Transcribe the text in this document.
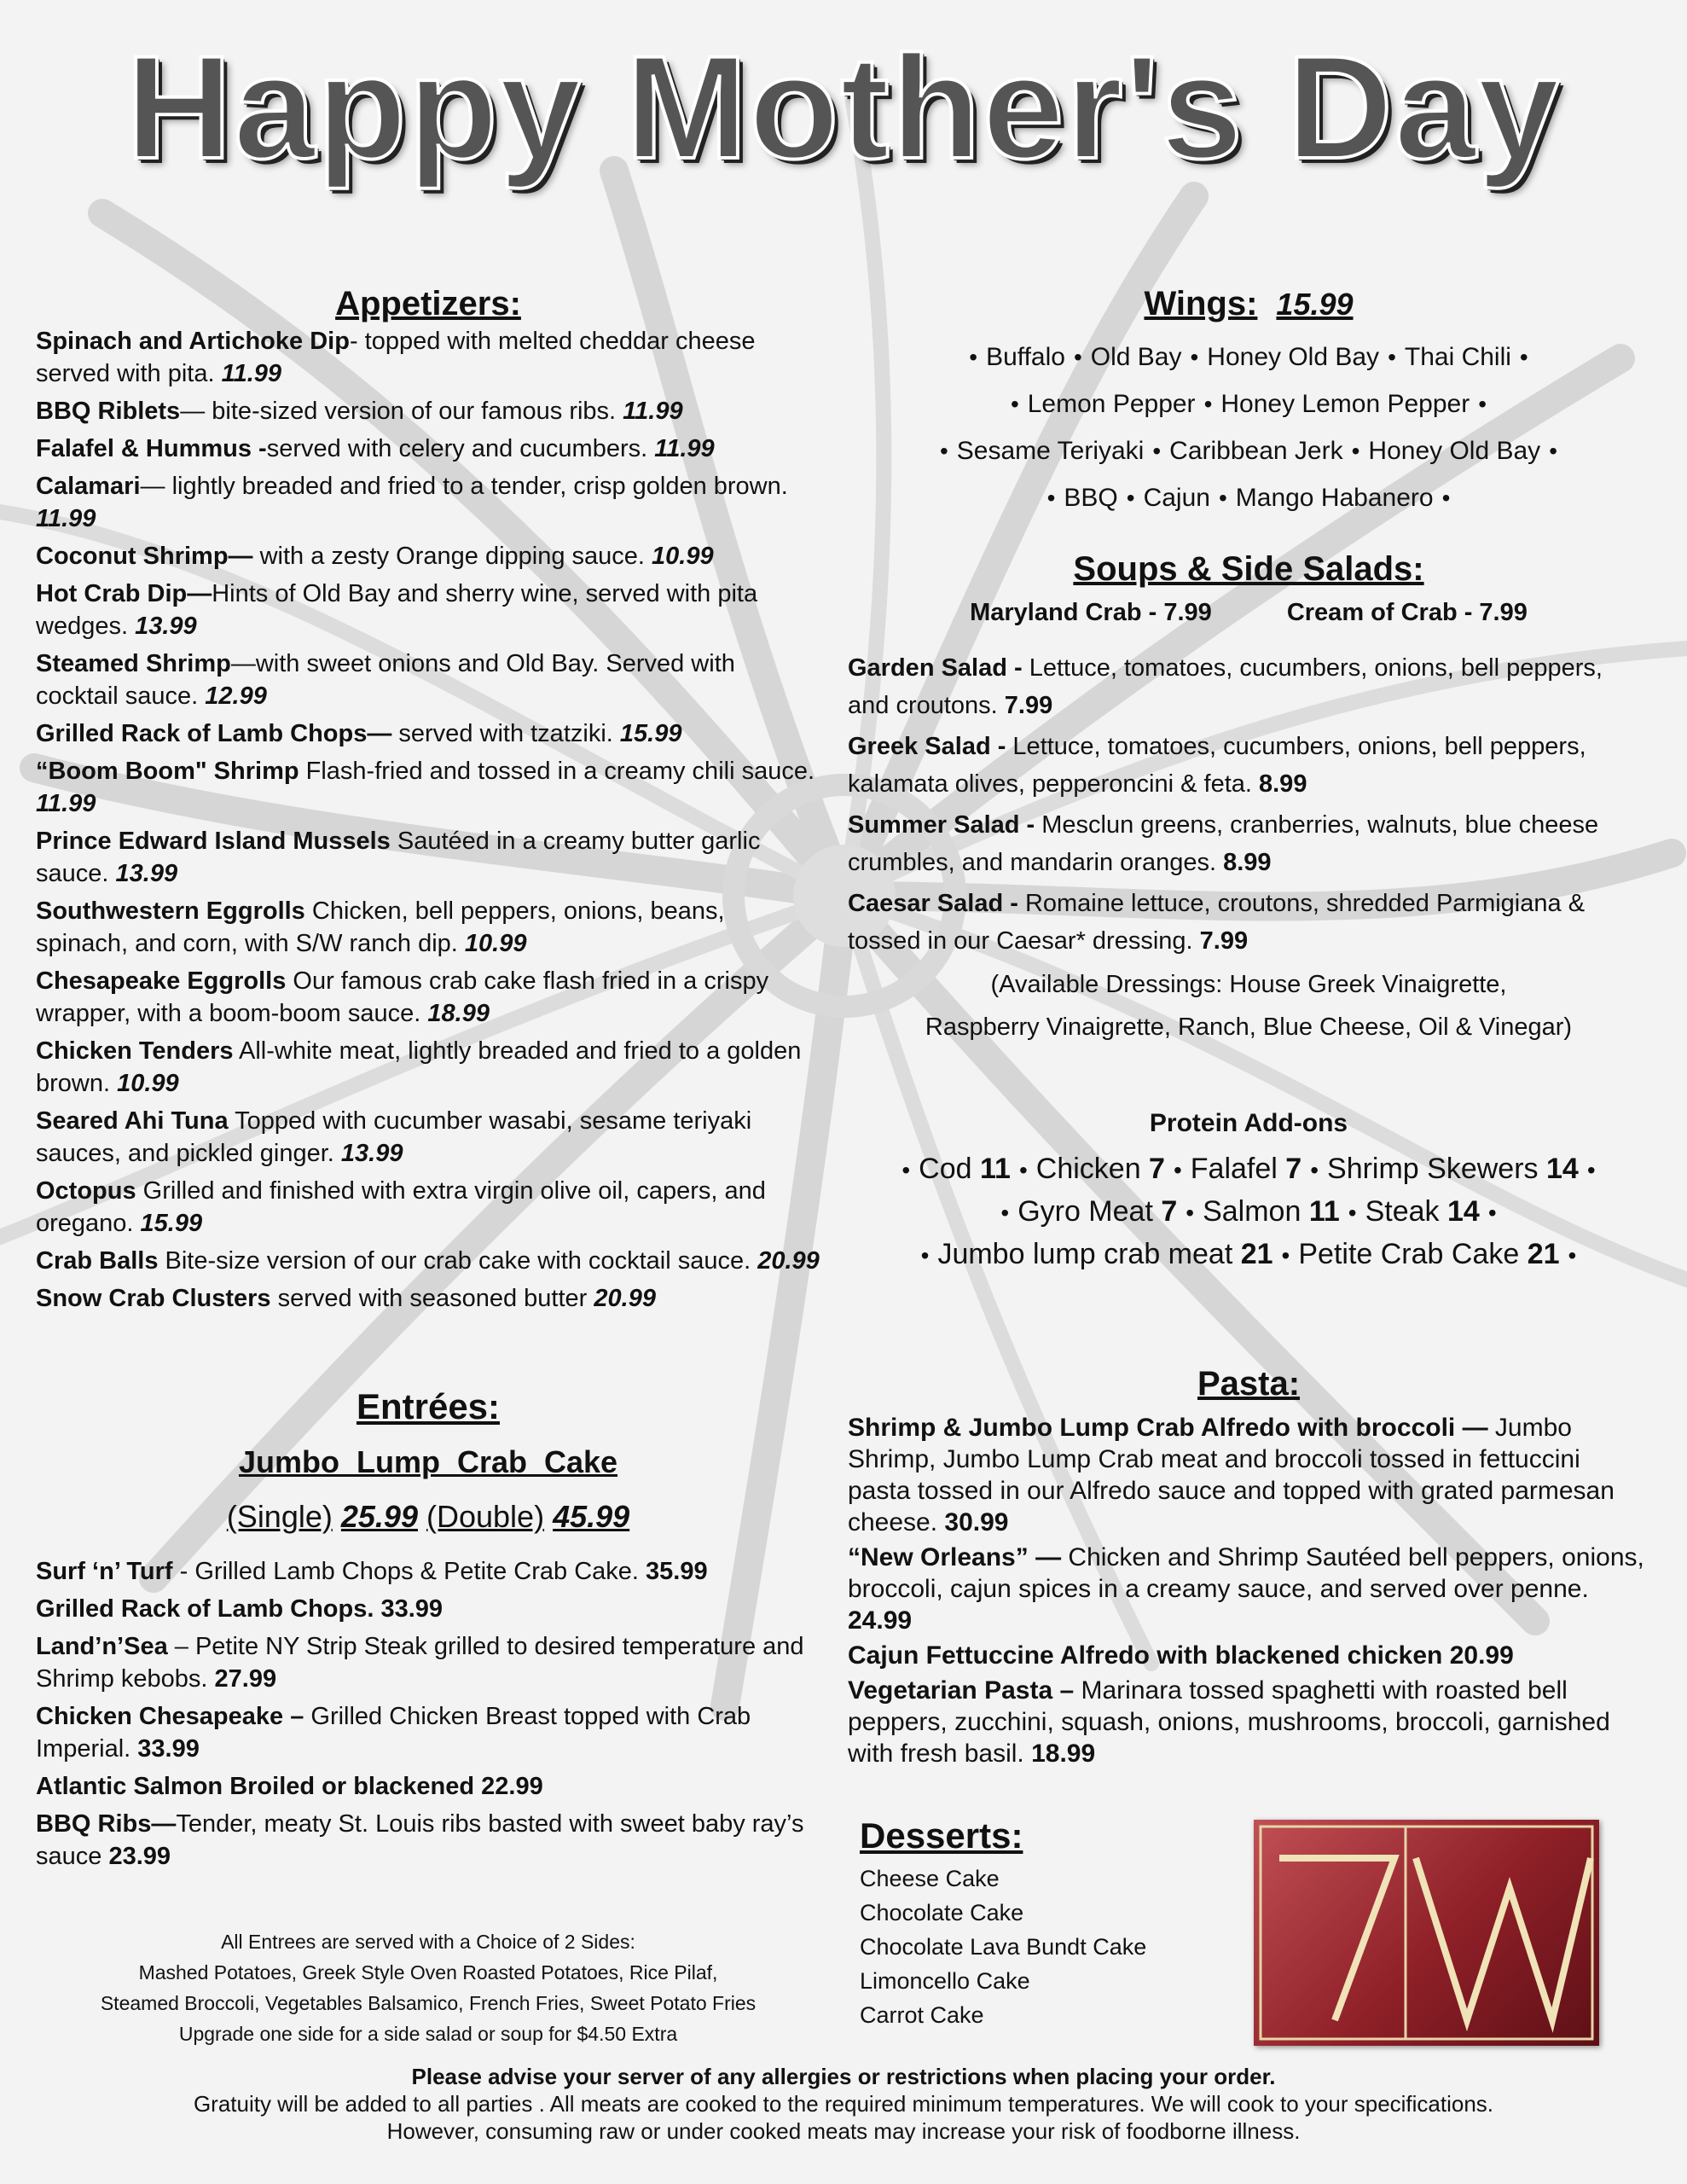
Happy Mother's Day
Appetizers:
Spinach and Artichoke Dip- topped with melted cheddar cheese served with pita. 11.99
BBQ Riblets— bite-sized version of our famous ribs. 11.99
Falafel & Hummus -served with celery and cucumbers. 11.99
Calamari— lightly breaded and fried to a tender, crisp golden brown. 11.99
Coconut Shrimp— with a zesty Orange dipping sauce. 10.99
Hot Crab Dip—Hints of Old Bay and sherry wine, served with pita wedges. 13.99
Steamed Shrimp—with sweet onions and Old Bay. Served with cocktail sauce. 12.99
Grilled Rack of Lamb Chops— served with tzatziki. 15.99
“Boom Boom" Shrimp Flash-fried and tossed in a creamy chili sauce. 11.99
Prince Edward Island Mussels Sautéed in a creamy butter garlic sauce. 13.99
Southwestern Eggrolls Chicken, bell peppers, onions, beans, spinach, and corn, with S/W ranch dip. 10.99
Chesapeake Eggrolls Our famous crab cake flash fried in a crispy wrapper, with a boom-boom sauce. 18.99
Chicken Tenders All-white meat, lightly breaded and fried to a golden brown. 10.99
Seared Ahi Tuna Topped with cucumber wasabi, sesame teriyaki sauces, and pickled ginger. 13.99
Octopus Grilled and finished with extra virgin olive oil, capers, and oregano. 15.99
Crab Balls Bite-size version of our crab cake with cocktail sauce. 20.99
Snow Crab Clusters served with seasoned butter 20.99
Entrées:
Jumbo Lump Crab Cake
(Single) 25.99 (Double) 45.99
Surf ‘n’ Turf - Grilled Lamb Chops & Petite Crab Cake. 35.99
Grilled Rack of Lamb Chops. 33.99
Land’n’Sea – Petite NY Strip Steak grilled to desired temperature and Shrimp kebobs. 27.99
Chicken Chesapeake – Grilled Chicken Breast topped with Crab Imperial. 33.99
Atlantic Salmon Broiled or blackened 22.99
BBQ Ribs—Tender, meaty St. Louis ribs basted with sweet baby ray’s sauce 23.99
All Entrees are served with a Choice of 2 Sides:
Mashed Potatoes, Greek Style Oven Roasted Potatoes, Rice Pilaf,
Steamed Broccoli, Vegetables Balsamico, French Fries, Sweet Potato Fries
Upgrade one side for a side salad or soup for $4.50 Extra
Wings: 15.99
• Buffalo • Old Bay • Honey Old Bay • Thai Chili •
• Lemon Pepper • Honey Lemon Pepper •
• Sesame Teriyaki • Caribbean Jerk • Honey Old Bay •
• BBQ • Cajun • Mango Habanero •
Soups & Side Salads:
Maryland Crab - 7.99	Cream of Crab - 7.99
Garden Salad - Lettuce, tomatoes, cucumbers, onions, bell peppers, and croutons. 7.99
Greek Salad - Lettuce, tomatoes, cucumbers, onions, bell peppers, kalamata olives, pepperoncini & feta. 8.99
Summer Salad - Mesclun greens, cranberries, walnuts, blue cheese crumbles, and mandarin oranges. 8.99
Caesar Salad - Romaine lettuce, croutons, shredded Parmigiana & tossed in our Caesar* dressing. 7.99
(Available Dressings: House Greek Vinaigrette,
Raspberry Vinaigrette, Ranch, Blue Cheese, Oil & Vinegar)
Protein Add-ons
• Cod 11 • Chicken 7 • Falafel 7 • Shrimp Skewers 14 •
• Gyro Meat 7 • Salmon 11 • Steak 14 •
• Jumbo lump crab meat 21 • Petite Crab Cake 21 •
Pasta:
Shrimp & Jumbo Lump Crab Alfredo with broccoli — Jumbo Shrimp, Jumbo Lump Crab meat and broccoli tossed in fettuccini pasta tossed in our Alfredo sauce and topped with grated parmesan cheese. 30.99
“New Orleans” — Chicken and Shrimp Sautéed bell peppers, onions, broccoli, cajun spices in a creamy sauce, and served over penne. 24.99
Cajun Fettuccine Alfredo with blackened chicken 20.99
Vegetarian Pasta – Marinara tossed spaghetti with roasted bell peppers, zucchini, squash, onions, mushrooms, broccoli, garnished with fresh basil. 18.99
Desserts:
Cheese Cake
Chocolate Cake
Chocolate Lava Bundt Cake
Limoncello Cake
Carrot Cake
Please advise your server of any allergies or restrictions when placing your order.
Gratuity will be added to all parties . All meats are cooked to the required minimum temperatures. We will cook to your specifications.
However, consuming raw or under cooked meats may increase your risk of foodborne illness.
